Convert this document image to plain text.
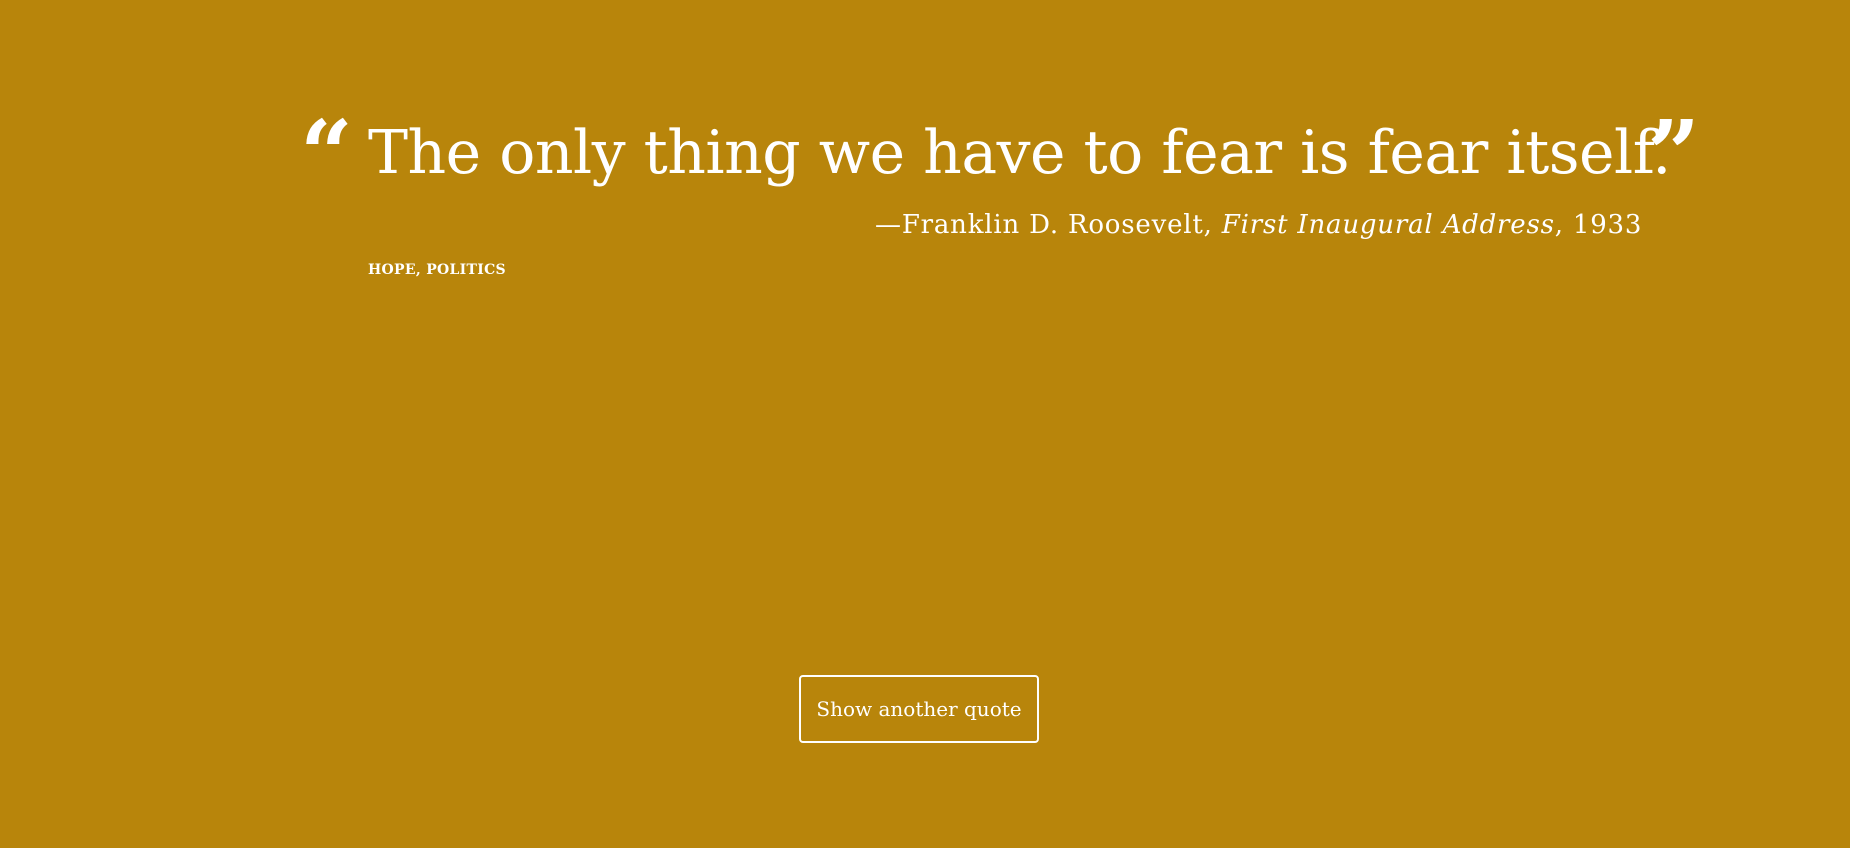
“ The only thing we have to fear is fear itself.
”
—Franklin D. Roosevelt, First Inaugural Address, 1933
HOPE, POLITICS
Show another quote
